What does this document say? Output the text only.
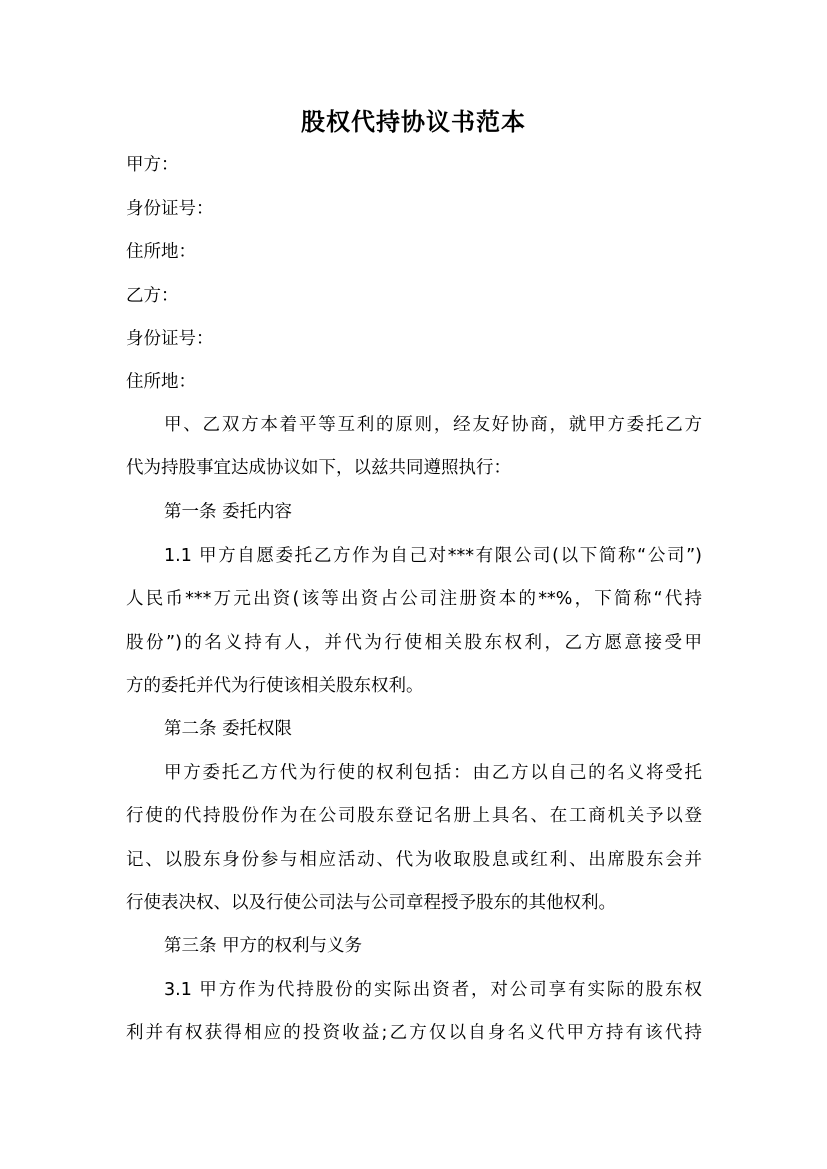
股权代持协议书范本
甲方：
身份证号：
住所地：
乙方：
身份证号：
住所地：
甲、乙双方本着平等互利的原则，经友好协商，就甲方委托乙方
代为持股事宜达成协议如下，以兹共同遵照执行：
第一条 委托内容
1.1 甲方自愿委托乙方作为自己对***有限公司(以下简称“公司”)
人民币***万元出资(该等出资占公司注册资本的**%，下简称“代持
股份”)的名义持有人，并代为行使相关股东权利，乙方愿意接受甲
方的委托并代为行使该相关股东权利。
第二条 委托权限
甲方委托乙方代为行使的权利包括：由乙方以自己的名义将受托
行使的代持股份作为在公司股东登记名册上具名、在工商机关予以登
记、以股东身份参与相应活动、代为收取股息或红利、出席股东会并
行使表决权、以及行使公司法与公司章程授予股东的其他权利。
第三条 甲方的权利与义务
3.1 甲方作为代持股份的实际出资者，对公司享有实际的股东权
利并有权获得相应的投资收益;乙方仅以自身名义代甲方持有该代持
